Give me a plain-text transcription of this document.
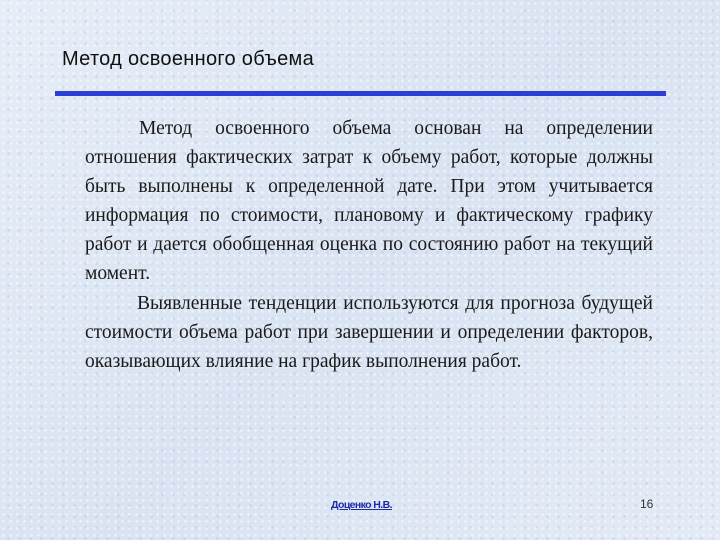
Метод освоенного объема

Метод освоенного объема основан на определении отношения фактических затрат к объему работ, которые должны быть выполнены к определенной дате. При этом учитывается информация по стоимости, плановому и фактическому графику работ и дается обобщенная оценка по состоянию работ на текущий момент.

Выявленные тенденции используются для прогноза будущей стоимости объема работ при завершении и определении факторов, оказывающих влияние на график выполнения работ.

Доценко Н.В.	16
